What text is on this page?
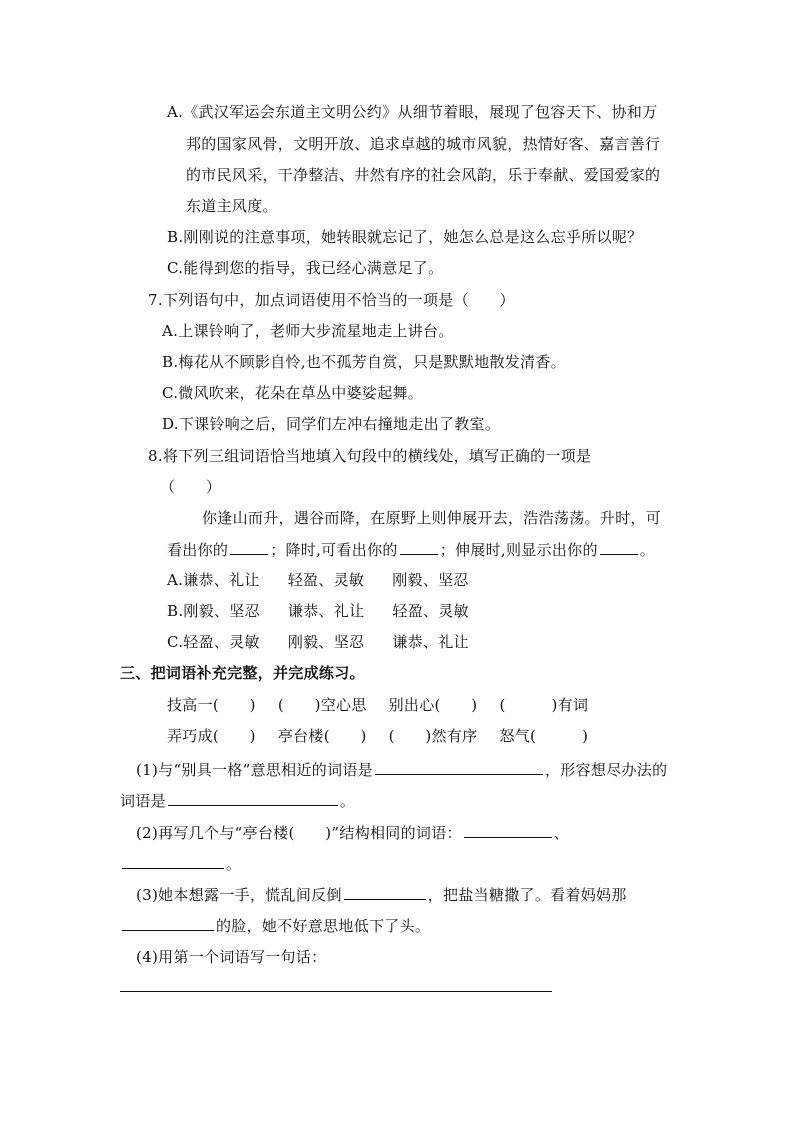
A.《武汉军运会东道主文明公约》从细节着眼，展现了包容天下、协和万
邦的国家风骨，文明开放、追求卓越的城市风貌，热情好客、嘉言善行
的市民风采，干净整洁、井然有序的社会风韵，乐于奉献、爱国爱家的
东道主风度。
B.刚刚说的注意事项，她转眼就忘记了，她怎么总是这么忘乎所以呢？
C.能得到您的指导，我已经心满意足了。
7.下列语句中，加点词语使用不恰当的一项是（　　）
A.上课铃响了，老师大步流星地走上讲台。
B.梅花从不顾影自怜,也不孤芳自赏，只是默默地散发清香。
C.微风吹来，花朵在草丛中婆娑起舞。
D.下课铃响之后，同学们左冲右撞地走出了教室。
8.将下列三组词语恰当地填入句段中的横线处，填写正确的一项是
（　　）
你逢山而升，遇谷而降，在原野上则伸展开去，浩浩荡荡。升时，可
看出你的	；降时,可看出你的	；伸展时,则显示出你的	。
A.谦恭、礼让 轻盈、灵敏 刚毅、坚忍
B.刚毅、坚忍 谦恭、礼让 轻盈、灵敏
C.轻盈、灵敏 刚毅、坚忍 谦恭、礼让
三、把词语补充完整，并完成练习。
技高一(　　) (　　)空心思 别出心(　　) (　　　)有词
弄巧成(　　) 亭台楼(　　) (　　)然有序 怒气(　　　)
(1)与“别具一格”意思相近的词语是	，形容想尽办法的
词语是	。
(2)再写几个与“亭台楼(　　)”结构相同的词语：	、
。
(3)她本想露一手，慌乱间反倒	，把盐当糖撒了。看着妈妈那
的脸，她不好意思地低下了头。
(4)用第一个词语写一句话：
